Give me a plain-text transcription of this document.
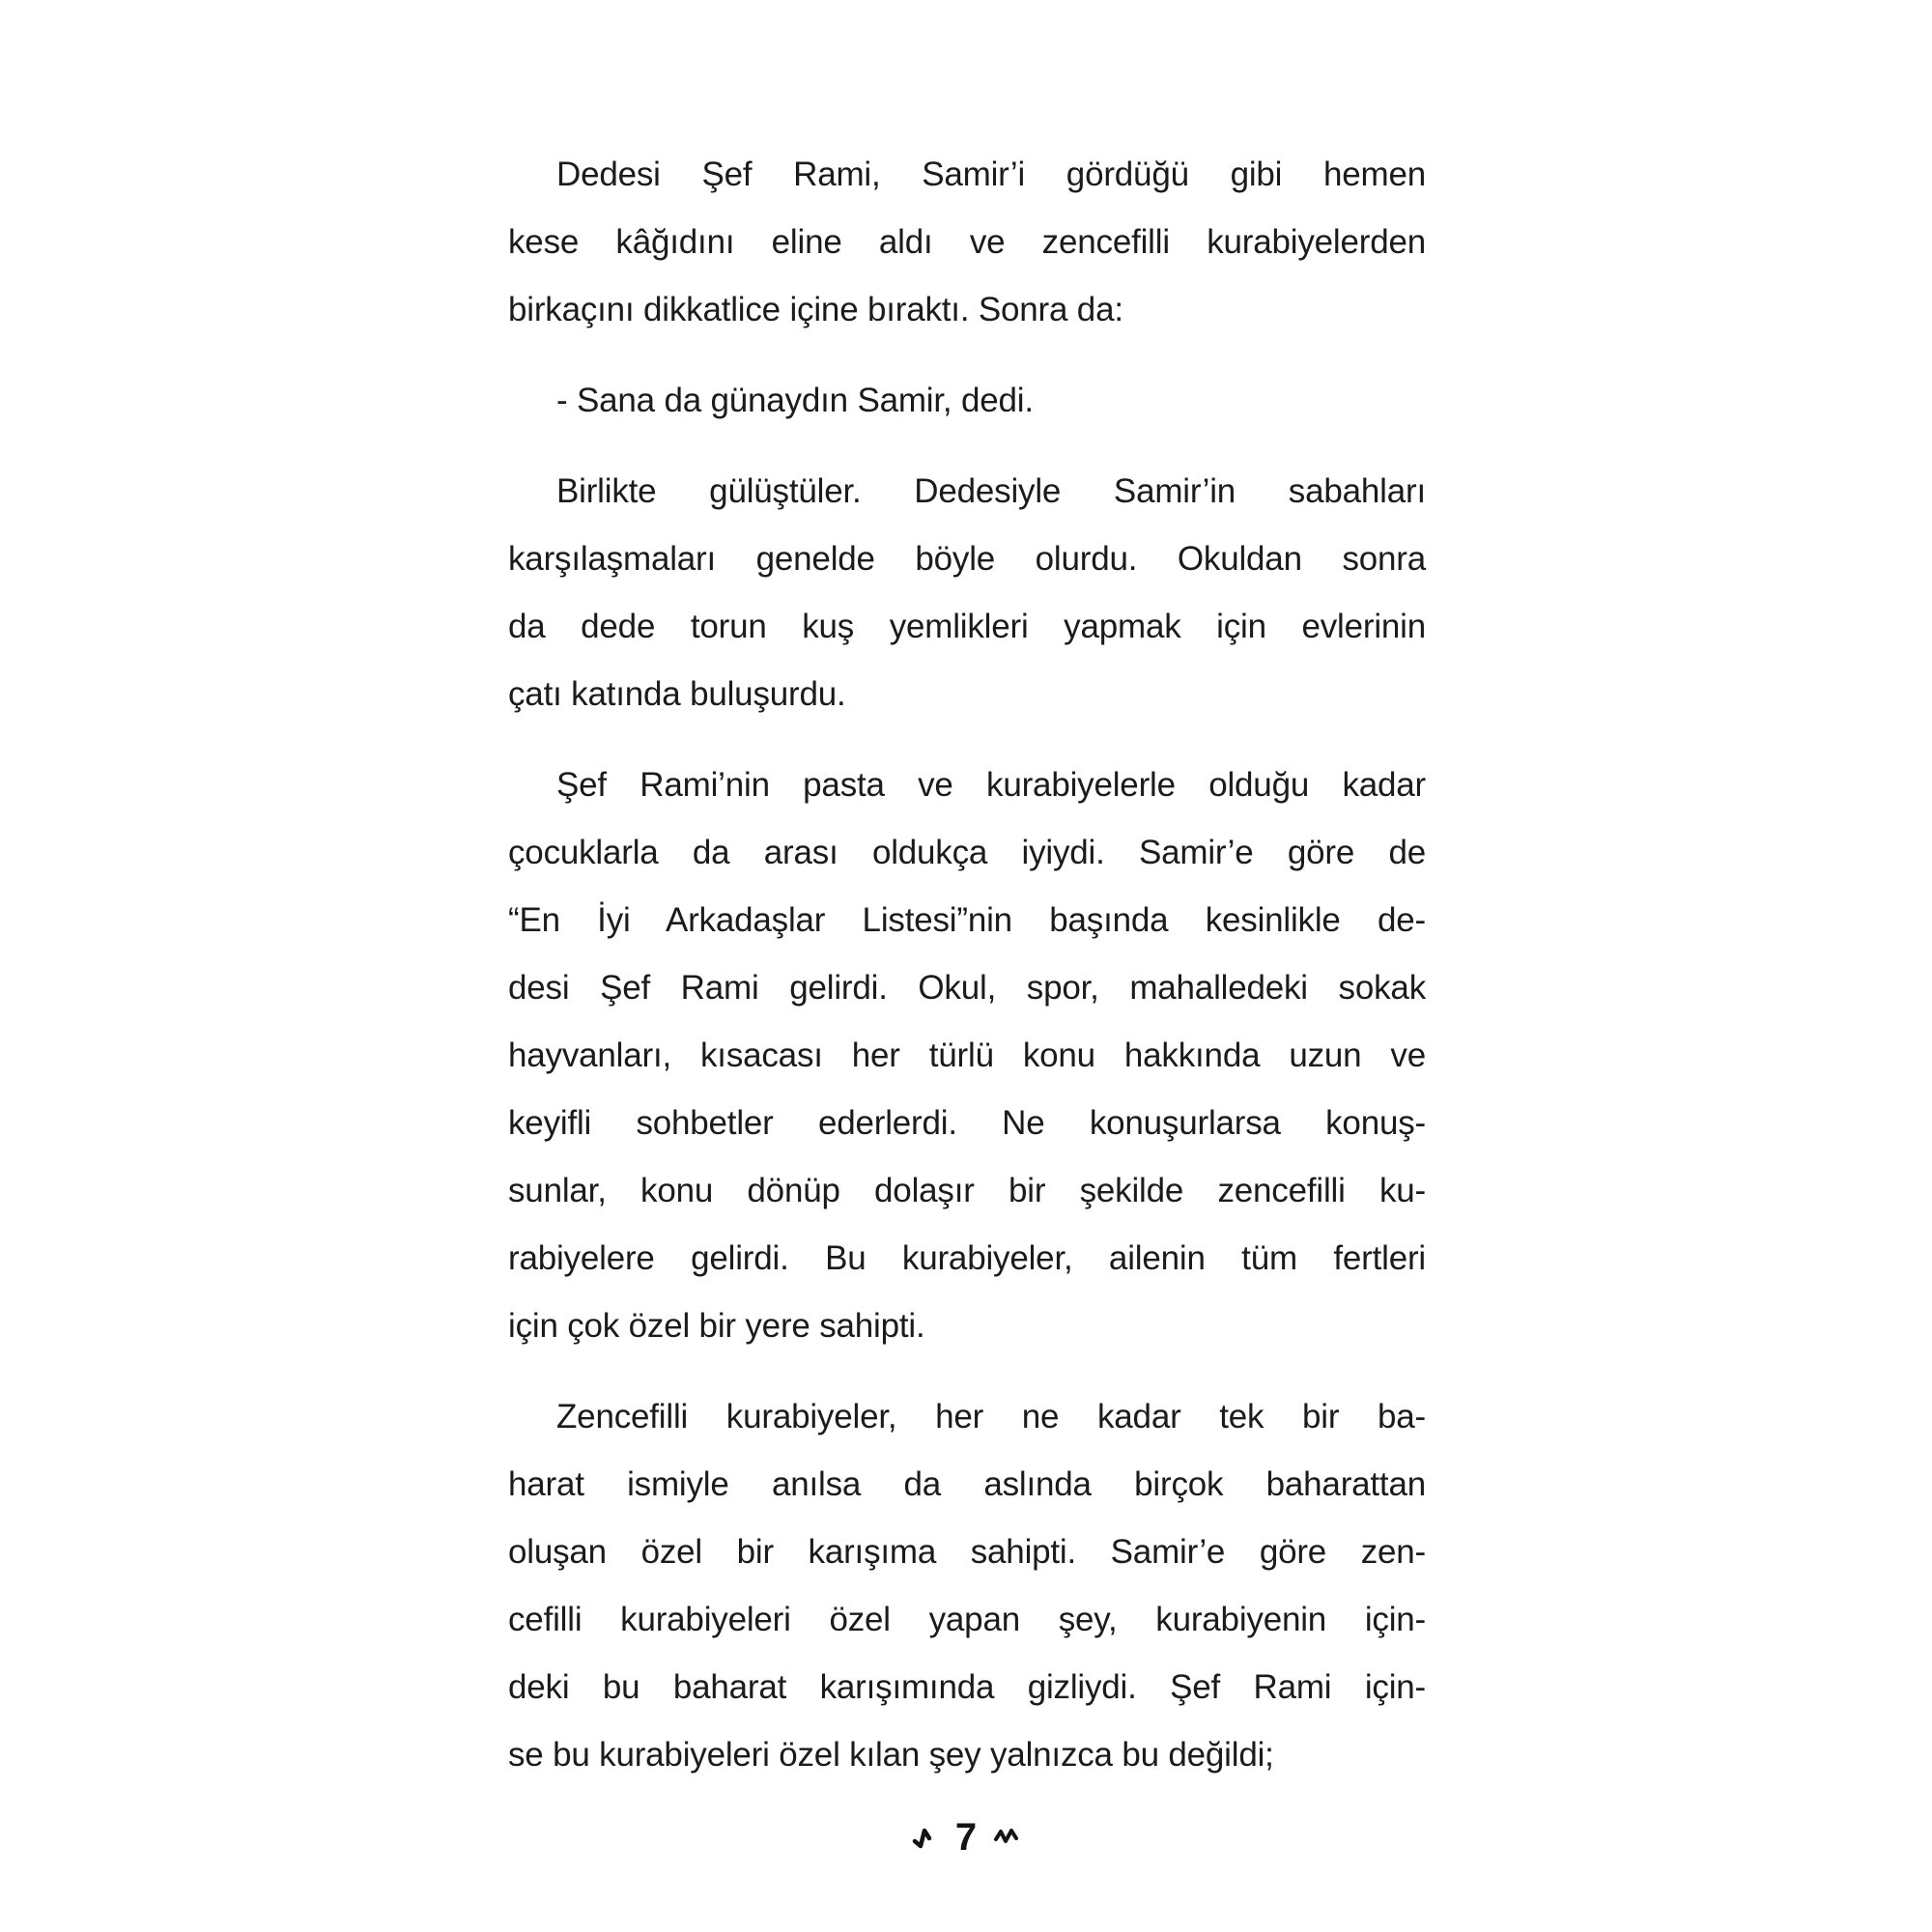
Dedesi Şef Rami, Samir’i gördüğü gibi hemen
kese kâğıdını eline aldı ve zencefilli kurabiyelerden
birkaçını dikkatlice içine bıraktı. Sonra da:
- Sana da günaydın Samir, dedi.
Birlikte gülüştüler. Dedesiyle Samir’in sabahları
karşılaşmaları genelde böyle olurdu. Okuldan sonra
da dede torun kuş yemlikleri yapmak için evlerinin
çatı katında buluşurdu.
Şef Rami’nin pasta ve kurabiyelerle olduğu kadar
çocuklarla da arası oldukça iyiydi. Samir’e göre de
“En İyi Arkadaşlar Listesi”nin başında kesinlikle de-
desi Şef Rami gelirdi. Okul, spor, mahalledeki sokak
hayvanları, kısacası her türlü konu hakkında uzun ve
keyifli sohbetler ederlerdi. Ne konuşurlarsa konuş-
sunlar, konu dönüp dolaşır bir şekilde zencefilli ku-
rabiyelere gelirdi. Bu kurabiyeler, ailenin tüm fertleri
için çok özel bir yere sahipti.
Zencefilli kurabiyeler, her ne kadar tek bir ba-
harat ismiyle anılsa da aslında birçok baharattan
oluşan özel bir karışıma sahipti. Samir’e göre zen-
cefilli kurabiyeleri özel yapan şey, kurabiyenin için-
deki bu baharat karışımında gizliydi. Şef Rami için-
se bu kurabiyeleri özel kılan şey yalnızca bu değildi;
7
